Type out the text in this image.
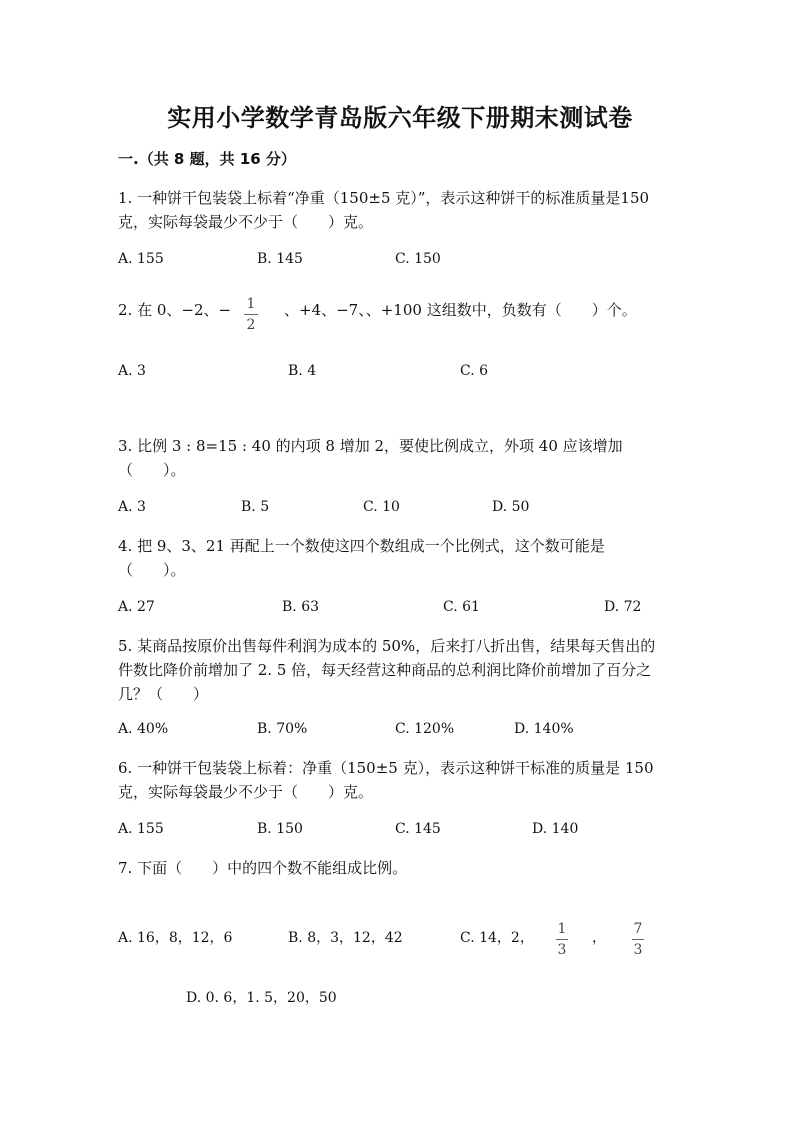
实用小学数学青岛版六年级下册期末测试卷
一.（共 8 题，共 16 分）
1. 一种饼干包装袋上标着“净重（150±5 克）”，表示这种饼干的标准质量是150 克，实际每袋最少不少于（　　）克。
A. 155	B. 145	C. 150
2. 在 0、−2、− 1
2
、+4、−7、、+100 这组数中，负数有（　　）个。
A. 3	B. 4	C. 6
3. 比例 3 : 8=15 : 40 的内项 8 增加 2，要使比例成立，外项 40 应该增加（　　）。
A. 3	B. 5	C. 10	D. 50
4. 把 9、3、21 再配上一个数使这四个数组成一个比例式，这个数可能是（　　）。
A. 27	B. 63	C. 61	D. 72
5. 某商品按原价出售每件利润为成本的 50%，后来打八折出售，结果每天售出的件数比降价前增加了 2. 5 倍，每天经营这种商品的总利润比降价前增加了百分之几？（　　）
A. 40%	B. 70%	C. 120%	D. 140%
6. 一种饼干包装袋上标着：净重（150±5 克），表示这种饼干标准的质量是 150 克，实际每袋最少不少于（　　）克。
A. 155	B. 150	C. 145	D. 140
7. 下面（　　）中的四个数不能组成比例。
A. 16，8，12，6	B. 8，3，12，42	C. 14，2，
1
3
，
7
3
D. 0. 6，1. 5，20，50
